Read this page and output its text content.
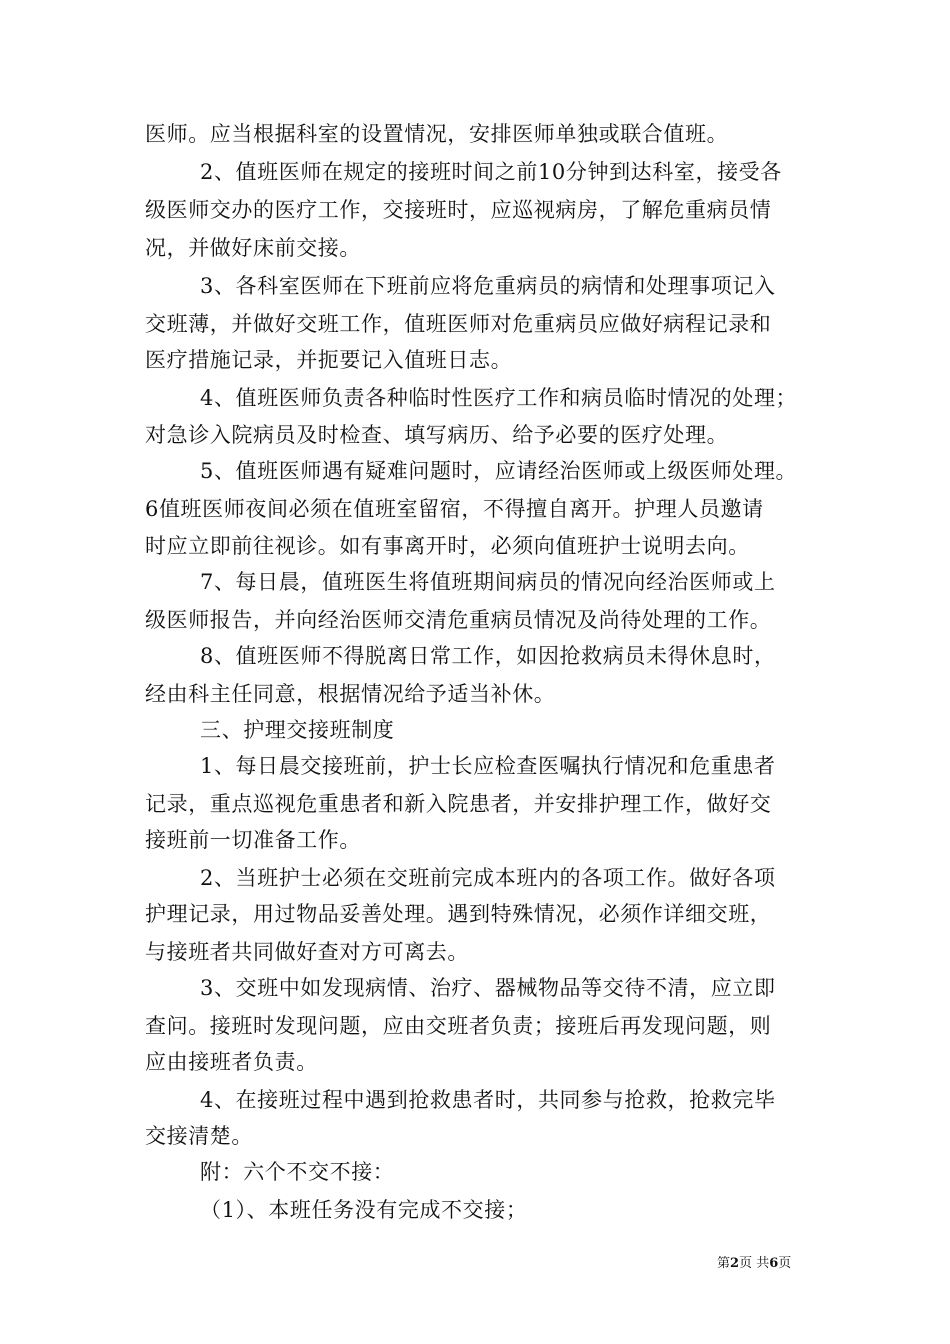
医师。应当根据科室的设置情况，安排医师单独或联合值班。
2、值班医师在规定的接班时间之前10分钟到达科室，接受各
级医师交办的医疗工作，交接班时，应巡视病房，了解危重病员情
况，并做好床前交接。
3、各科室医师在下班前应将危重病员的病情和处理事项记入
交班薄，并做好交班工作，值班医师对危重病员应做好病程记录和
医疗措施记录，并扼要记入值班日志。
4、值班医师负责各种临时性医疗工作和病员临时情况的处理；
对急诊入院病员及时检查、填写病历、给予必要的医疗处理。
5、值班医师遇有疑难问题时，应请经治医师或上级医师处理。
6值班医师夜间必须在值班室留宿，不得擅自离开。护理人员邀请
时应立即前往视诊。如有事离开时，必须向值班护士说明去向。
7、每日晨，值班医生将值班期间病员的情况向经治医师或上
级医师报告，并向经治医师交清危重病员情况及尚待处理的工作。
8、值班医师不得脱离日常工作，如因抢救病员未得休息时，
经由科主任同意，根据情况给予适当补休。
三、护理交接班制度
1、每日晨交接班前，护士长应检查医嘱执行情况和危重患者
记录，重点巡视危重患者和新入院患者，并安排护理工作，做好交
接班前一切准备工作。
2、当班护士必须在交班前完成本班内的各项工作。做好各项
护理记录，用过物品妥善处理。遇到特殊情况，必须作详细交班，
与接班者共同做好查对方可离去。
3、交班中如发现病情、治疗、器械物品等交待不清，应立即
查问。接班时发现问题，应由交班者负责；接班后再发现问题，则
应由接班者负责。
4、在接班过程中遇到抢救患者时，共同参与抢救，抢救完毕
交接清楚。
附：六个不交不接：
（1）、本班任务没有完成不交接；
第2页 共6页
